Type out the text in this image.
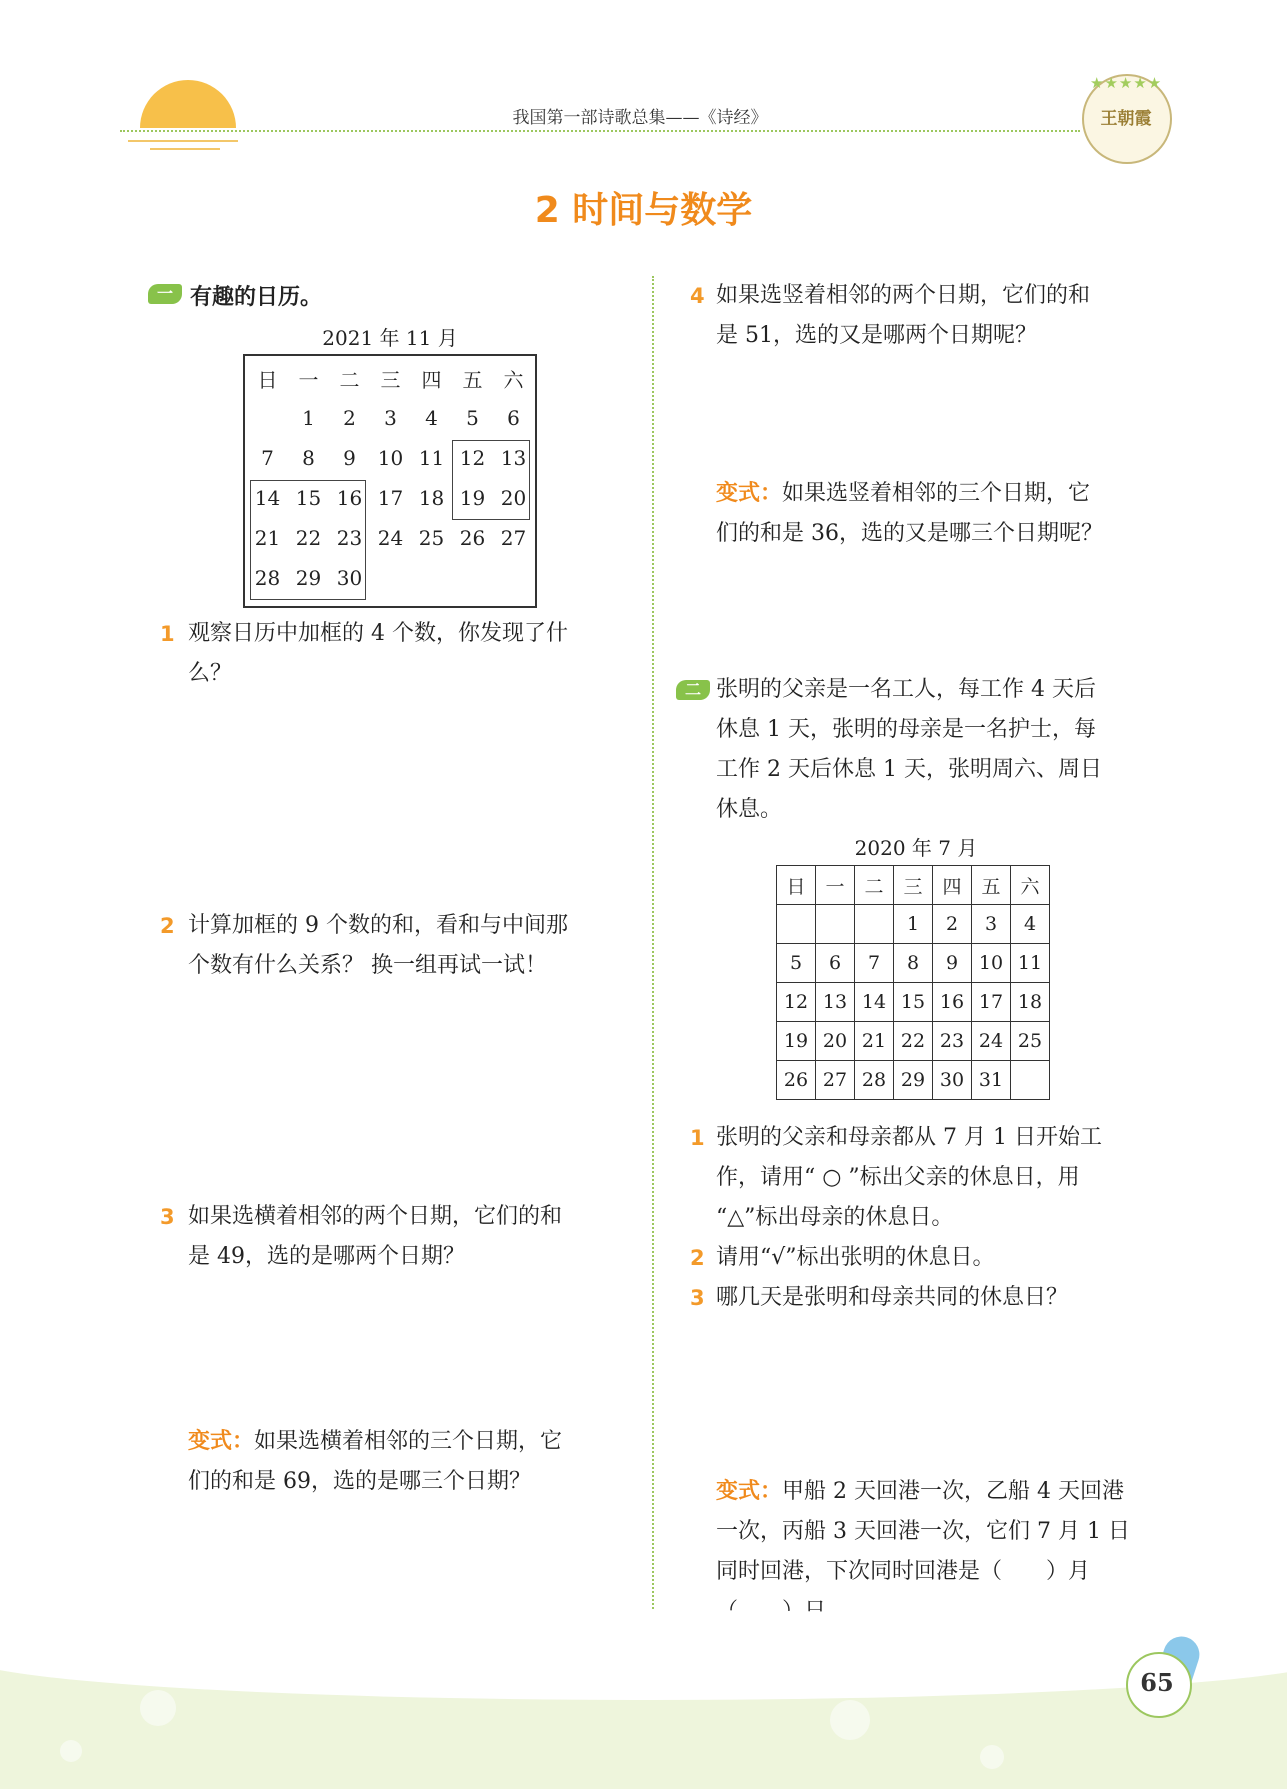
我国第一部诗歌总集——《诗经》
★★★★★
王朝霞
2 时间与数学
一 有趣的日历。
2021 年 11 月
日	一	二	三	四	五	六
	1	2	3	4	5	6
7	8	9	10	11	12	13
14	15	16	17	18	19	20
21	22	23	24	25	26	27
28	29	30				
1 观察日历中加框的 4 个数，你发现了什
么？
2 计算加框的 9 个数的和，看和与中间那
个数有什么关系？ 换一组再试一试！
3 如果选横着相邻的两个日期，它们的和
是 49，选的是哪两个日期？
变式：如果选横着相邻的三个日期，它
们的和是 69，选的是哪三个日期？
4 如果选竖着相邻的两个日期，它们的和
是 51，选的又是哪两个日期呢？
变式：如果选竖着相邻的三个日期，它
们的和是 36，选的又是哪三个日期呢？
二 张明的父亲是一名工人，每工作 4 天后
休息 1 天，张明的母亲是一名护士，每
工作 2 天后休息 1 天，张明周六、周日
休息。
2020 年 7 月
日	一	二	三	四	五	六
			1	2	3	4
5	6	7	8	9	10	11
12	13	14	15	16	17	18
19	20	21	22	23	24	25
26	27	28	29	30	31	
1 张明的父亲和母亲都从 7 月 1 日开始工
作，请用“ ○ ”标出父亲的休息日，用
“△”标出母亲的休息日。
2 请用“√”标出张明的休息日。
3 哪几天是张明和母亲共同的休息日？
变式：甲船 2 天回港一次，乙船 4 天回港
一次，丙船 3 天回港一次，它们 7 月 1 日
同时回港，下次同时回港是（　　）月
65
